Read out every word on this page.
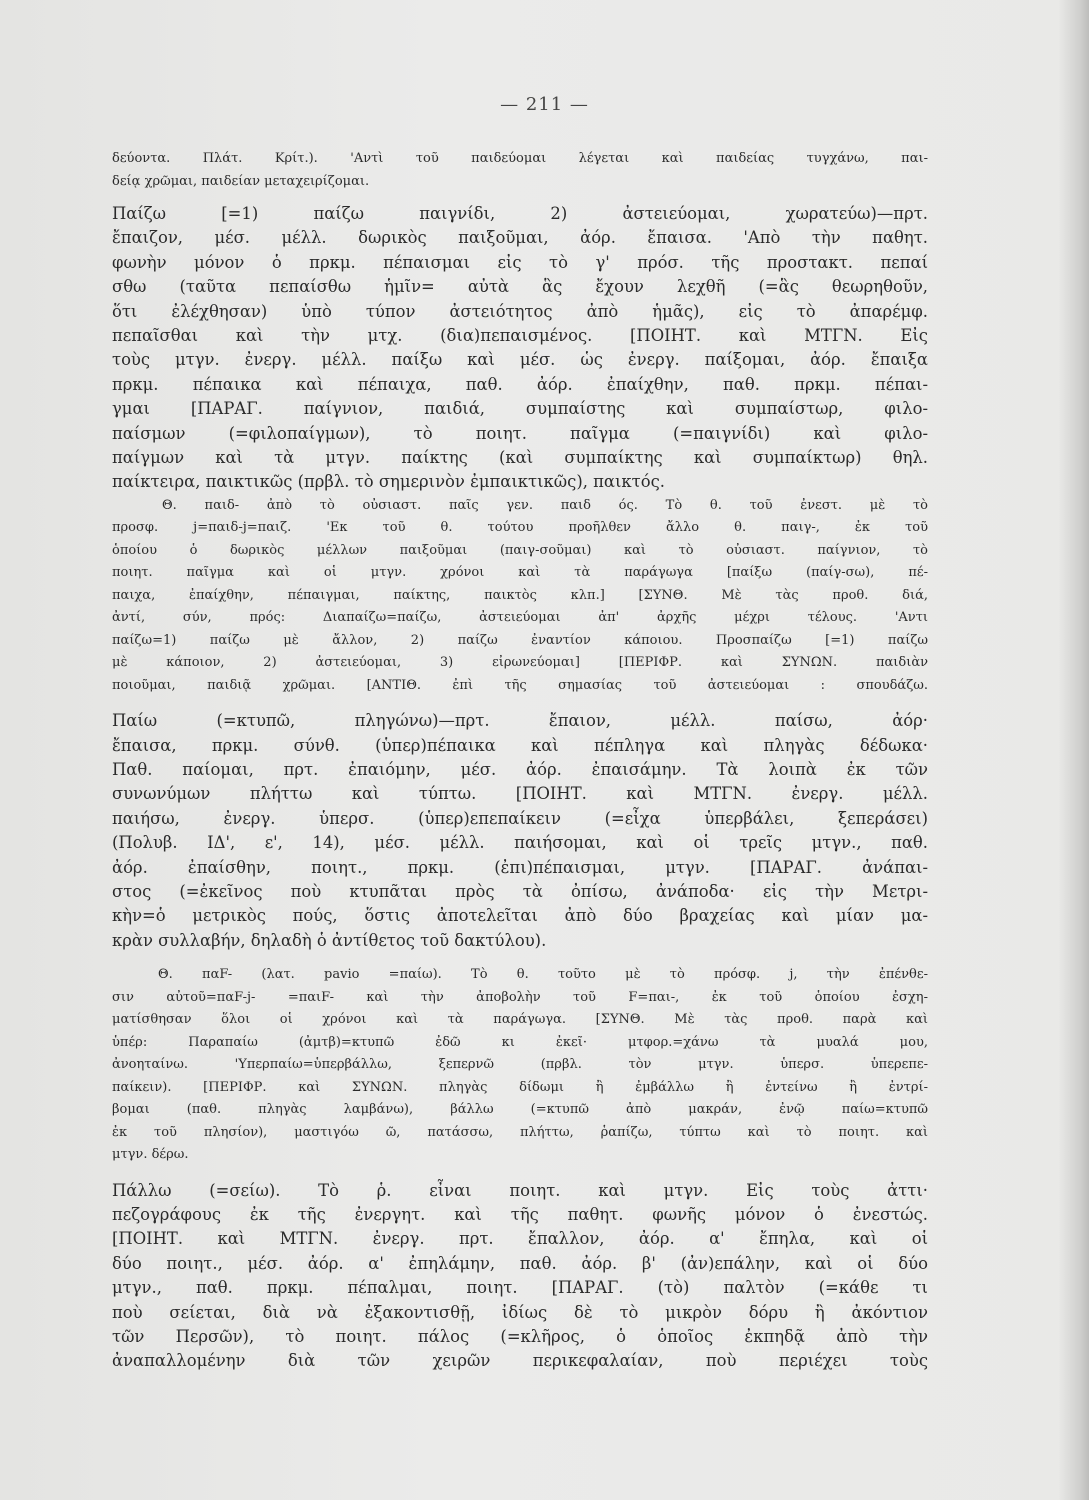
— 211 —
δεύοντα. Πλάτ. Κρίτ.). 'Αντὶ τοῦ παιδεύομαι λέγεται καὶ παιδείας τυγχάνω, παι-
δείᾳ χρῶμαι, παιδείαν μεταχειρίζομαι.
Παίζω [=1) παίζω παιγνίδι, 2) ἀστειεύομαι, χωρατεύω)—πρτ.
ἔπαιζον, μέσ. μέλλ. δωρικὸς παιξοῦμαι, ἀόρ. ἔπαισα. 'Απὸ τὴν παθητ.
φωνὴν μόνον ὁ πρκμ. πέπαισμαι εἰς τὸ γ' πρόσ. τῆς προστακτ. πεπαί
σθω (ταῦτα πεπαίσθω ἡμῖν= αὐτὰ ἃς ἔχουν λεχθῆ (=ἃς θεωρηθοῦν,
ὅτι ἐλέχθησαν) ὑπὸ τύπον ἀστειότητος ἀπὸ ἡμᾶς), εἰς τὸ ἀπαρέμφ.
πεπαῖσθαι καὶ τὴν μτχ. (δια)πεπαισμένος. [ΠΟΙΗΤ. καὶ ΜΤΓΝ. Εἰς
τοὺς μτγν. ἐνεργ. μέλλ. παίξω καὶ μέσ. ὡς ἐνεργ. παίξομαι, ἀόρ. ἔπαιξα
πρκμ. πέπαικα καὶ πέπαιχα, παθ. ἀόρ. ἐπαίχθην, παθ. πρκμ. πέπαι-
γμαι [ΠΑΡΑΓ. παίγνιον, παιδιά, συμπαίστης καὶ συμπαίστωρ, φιλο-
παίσμων (=φιλοπαίγμων), τὸ ποιητ. παῖγμα (=παιγνίδι) καὶ φιλο-
παίγμων καὶ τὰ μτγν. παίκτης (καὶ συμπαίκτης καὶ συμπαίκτωρ) θηλ.
παίκτειρα, παικτικῶς (πρβλ. τὸ σημερινὸν ἐμπαικτικῶς), παικτός.
Θ. παιδ- ἀπὸ τὸ οὐσιαστ. παῖς γεν. παιδ ός. Τὸ θ. τοῦ ἐνεστ. μὲ τὸ
προσφ. j=παιδ-j=παιζ. 'Εκ τοῦ θ. τούτου προῆλθεν ἄλλο θ. παιγ-, ἐκ τοῦ
ὁποίου ὁ δωρικὸς μέλλων παιξοῦμαι (παιγ-σοῦμαι) καὶ τὸ οὐσιαστ. παίγνιον, τὸ
ποιητ. παῖγμα καὶ οἱ μτγν. χρόνοι καὶ τὰ παράγωγα [παίξω (παίγ-σω), πέ-
παιχα, ἐπαίχθην, πέπαιγμαι, παίκτης, παικτὸς κλπ.] [ΣΥΝΘ. Μὲ τὰς προθ. διά,
ἀντί, σύν, πρός: Διαπαίζω=παίζω, ἀστειεύομαι ἀπ' ἀρχῆς μέχρι τέλους. 'Αντι
παίζω=1) παίζω μὲ ἄλλον, 2) παίζω ἐναντίον κάποιου. Προσπαίζω [=1) παίζω
μὲ κάποιον, 2) ἀστειεύομαι, 3) εἰρωνεύομαι] [ΠΕΡΙΦΡ. καὶ ΣΥΝΩΝ. παιδιὰν
ποιοῦμαι, παιδιᾷ χρῶμαι. [ΑΝΤΙΘ. ἐπὶ τῆς σημασίας τοῦ ἀστειεύομαι : σπουδάζω.
Παίω (=κτυπῶ, πληγώνω)—πρτ. ἔπαιον, μέλλ. παίσω, ἀόρ·
ἔπαισα, πρκμ. σύνθ. (ὑπερ)πέπαικα καὶ πέπληγα καὶ πληγὰς δέδωκα·
Παθ. παίομαι, πρτ. ἐπαιόμην, μέσ. ἀόρ. ἐπαισάμην. Τὰ λοιπὰ ἐκ τῶν
συνωνύμων πλήττω καὶ τύπτω. [ΠΟΙΗΤ. καὶ ΜΤΓΝ. ἐνεργ. μέλλ.
παιήσω, ἐνεργ. ὑπερσ. (ὑπερ)επεπαίκειν (=εἶχα ὑπερβάλει, ξεπεράσει)
(Πολυβ. ΙΔ', ε', 14), μέσ. μέλλ. παιήσομαι, καὶ οἱ τρεῖς μτγν., παθ.
ἀόρ. ἐπαίσθην, ποιητ., πρκμ. (ἐπι)πέπαισμαι, μτγν. [ΠΑΡΑΓ. ἀνάπαι-
στος (=ἐκεῖνος ποὺ κτυπᾶται πρὸς τὰ ὀπίσω, ἀνάποδα· εἰς τὴν Μετρι-
κὴν=ὁ μετρικὸς πούς, ὅστις ἀποτελεῖται ἀπὸ δύο βραχείας καὶ μίαν μα-
κρὰν συλλαβήν, δηλαδὴ ὁ ἀντίθετος τοῦ δακτύλου).
Θ. παF- (λατ. pavio =παίω). Τὸ θ. τοῦτο μὲ τὸ πρόσφ. j, τὴν ἐπένθε-
σιν αὐτοῦ=παF-j- =παιF- καὶ τὴν ἀποβολὴν τοῦ F=παι-, ἐκ τοῦ ὁποίου ἐσχη-
ματίσθησαν ὅλοι οἱ χρόνοι καὶ τὰ παράγωγα. [ΣΥΝΘ. Μὲ τὰς προθ. παρὰ καὶ
ὑπέρ: Παραπαίω (ἀμτβ)=κτυπῶ ἐδῶ κι ἐκεῖ· μτφορ.=χάνω τὰ μυαλά μου,
ἀνοηταίνω. 'Υπερπαίω=ὑπερβάλλω, ξεπερνῶ (πρβλ. τὸν μτγν. ὑπερσ. ὑπερεπε-
παίκειν). [ΠΕΡΙΦΡ. καὶ ΣΥΝΩΝ. πληγὰς δίδωμι ἢ ἐμβάλλω ἢ ἐντείνω ἢ ἐντρί-
βομαι (παθ. πληγὰς λαμβάνω), βάλλω (=κτυπῶ ἀπὸ μακράν, ἐνῷ παίω=κτυπῶ
ἐκ τοῦ πλησίον), μαστιγόω ῶ, πατάσσω, πλήττω, ῥαπίζω, τύπτω καὶ τὸ ποιητ. καὶ
μτγν. δέρω.
Πάλλω (=σείω). Τὸ ῥ. εἶναι ποιητ. καὶ μτγν. Εἰς τοὺς ἀττι·
πεζογράφους ἐκ τῆς ἐνεργητ. καὶ τῆς παθητ. φωνῆς μόνον ὁ ἐνεστώς.
[ΠΟΙΗΤ. καὶ ΜΤΓΝ. ἐνεργ. πρτ. ἔπαλλον, ἀόρ. α' ἔπηλα, καὶ οἱ
δύο ποιητ., μέσ. ἀόρ. α' ἐπηλάμην, παθ. ἀόρ. β' (ἀν)επάλην, καὶ οἱ δύο
μτγν., παθ. πρκμ. πέπαλμαι, ποιητ. [ΠΑΡΑΓ. (τὸ) παλτὸν (=κάθε τι
ποὺ σείεται, διὰ νὰ ἐξακοντισθῇ, ἰδίως δὲ τὸ μικρὸν δόρυ ἢ ἀκόντιον
τῶν Περσῶν), τὸ ποιητ. πάλος (=κλῆρος, ὁ ὁποῖος ἐκπηδᾷ ἀπὸ τὴν
ἀναπαλλομένην διὰ τῶν χειρῶν περικεφαλαίαν, ποὺ περιέχει τοὺς
